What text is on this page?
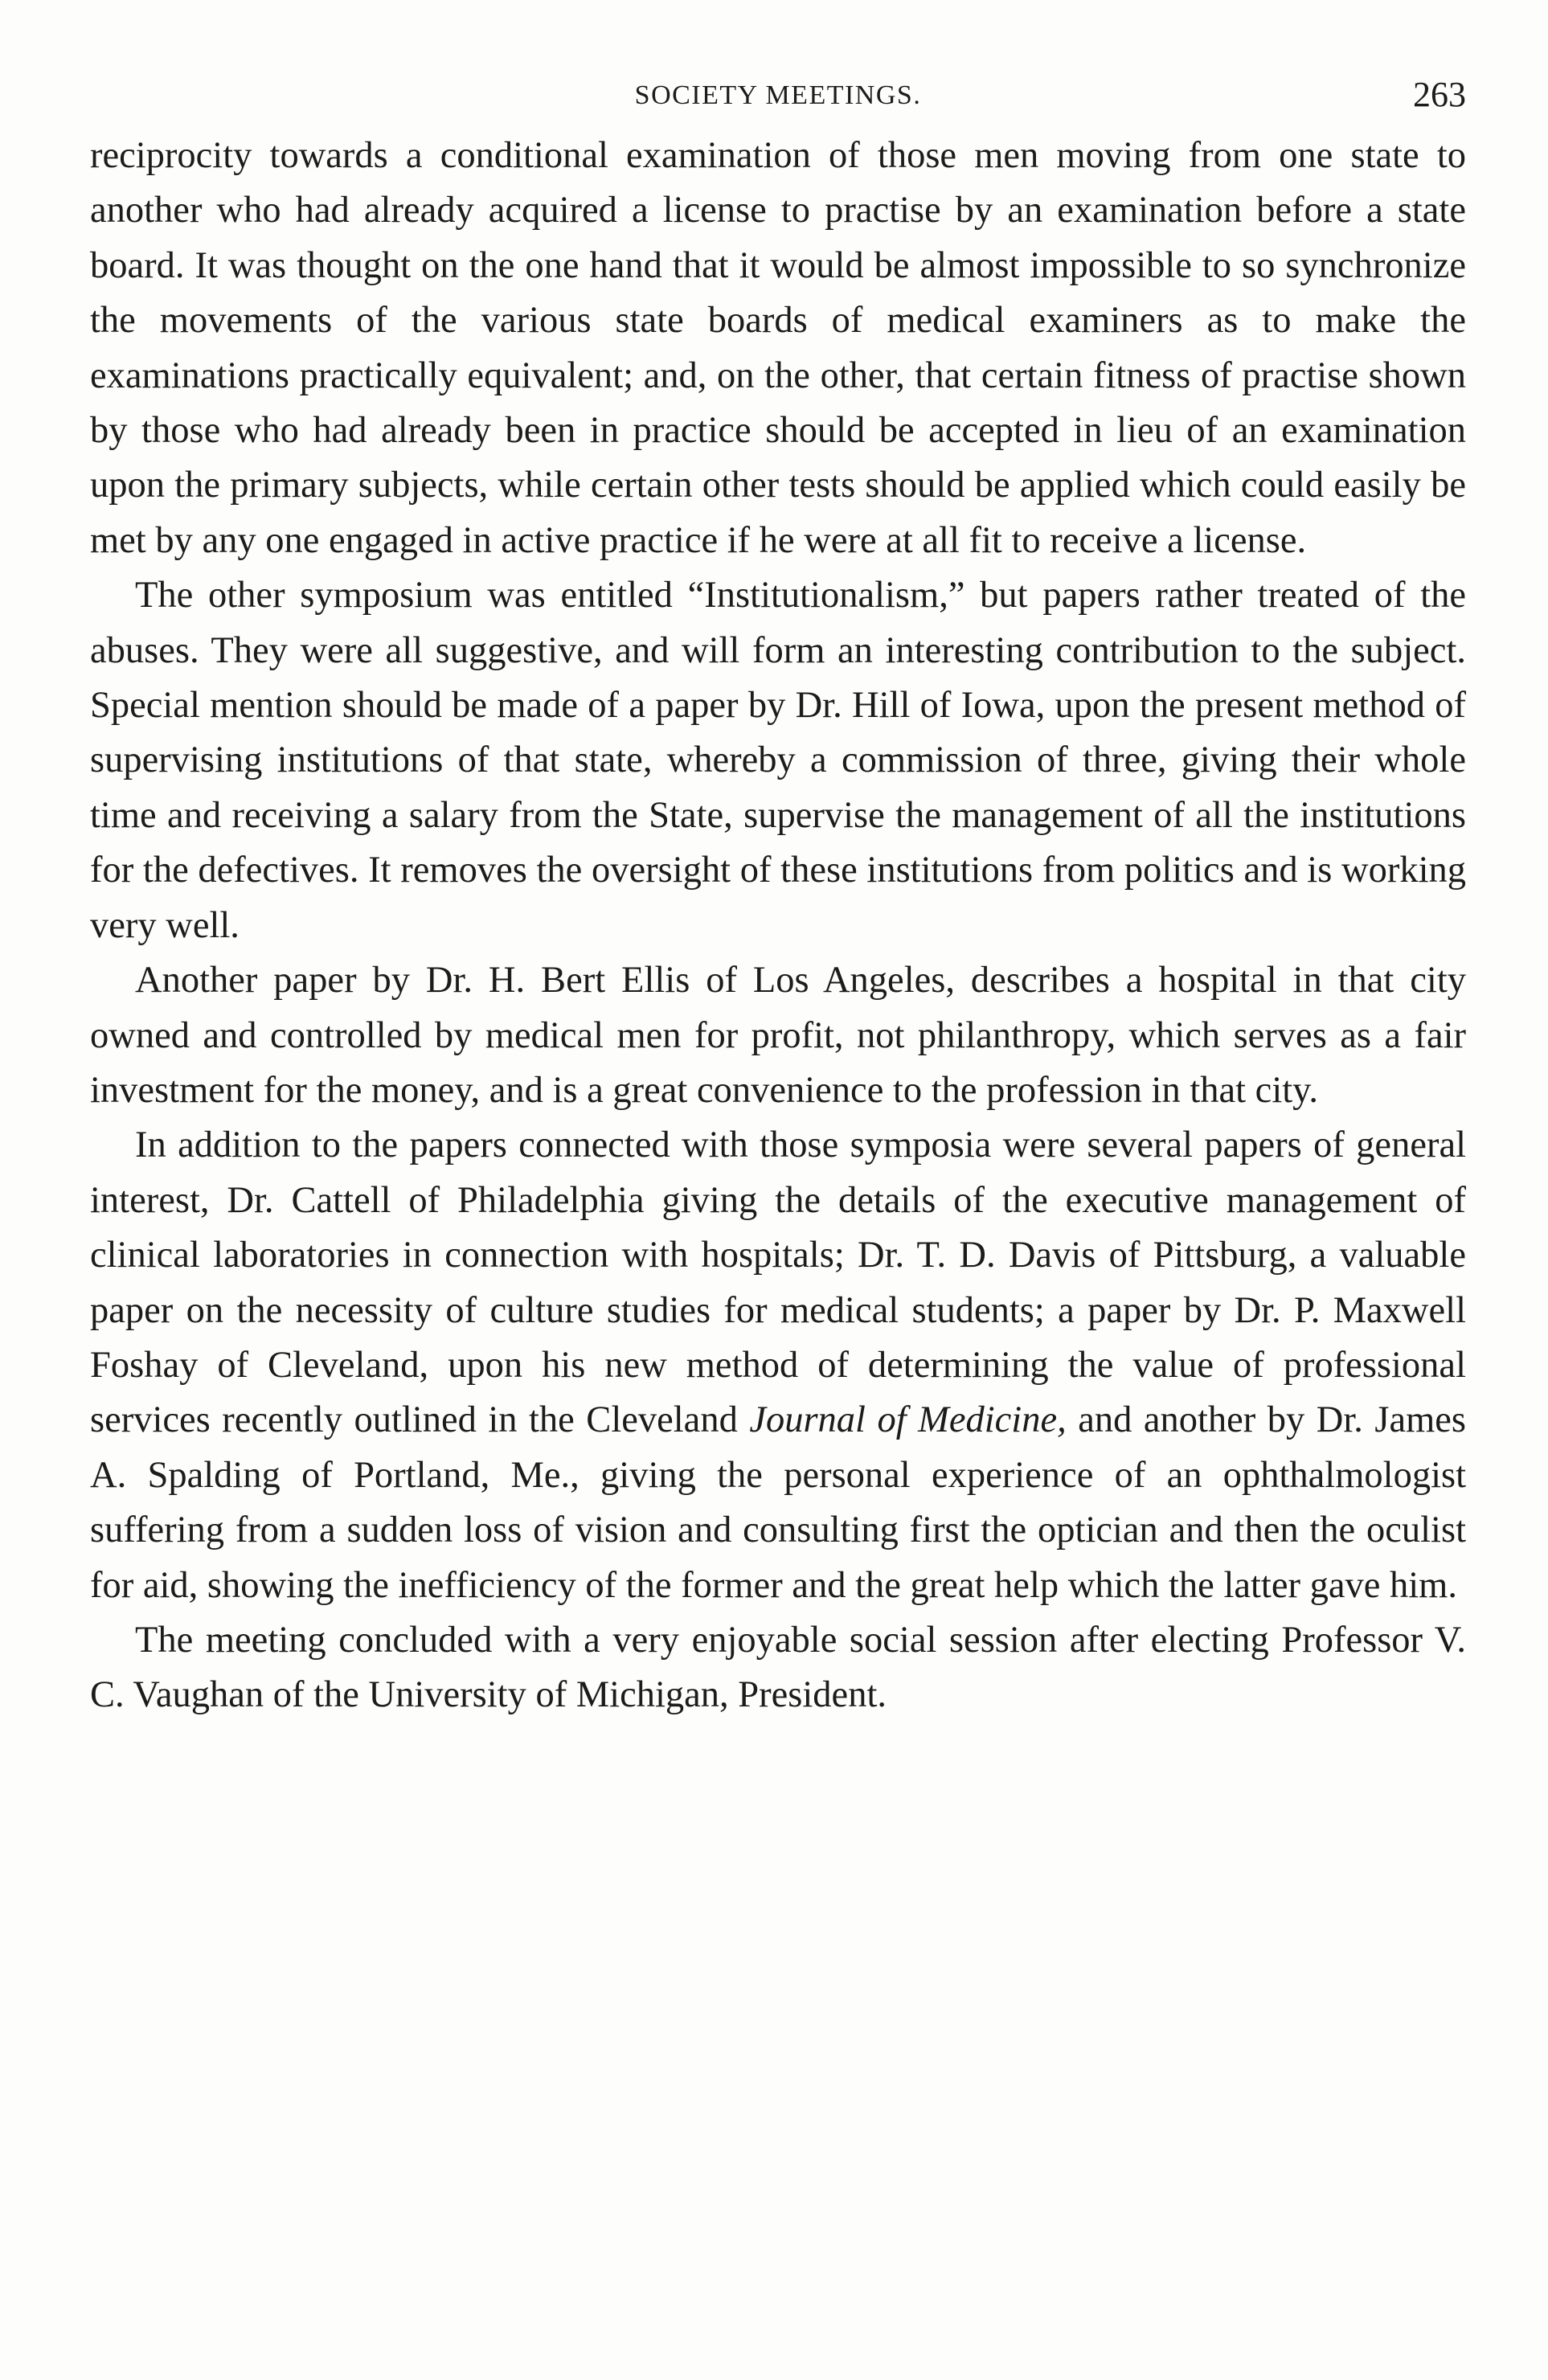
SOCIETY MEETINGS.	263

reciprocity towards a conditional examination of those men moving from one state to another who had already acquired a license to practise by an examination before a state board. It was thought on the one hand that it would be almost impossible to so synchronize the movements of the various state boards of medical examiners as to make the examinations practically equivalent; and, on the other, that certain fitness of practise shown by those who had already been in practice should be accepted in lieu of an examination upon the primary subjects, while certain other tests should be applied which could easily be met by any one engaged in active practice if he were at all fit to receive a license.

The other symposium was entitled “Institutionalism,” but papers rather treated of the abuses. They were all suggestive, and will form an interesting contribution to the subject. Special mention should be made of a paper by Dr. Hill of Iowa, upon the present method of supervising institutions of that state, whereby a commission of three, giving their whole time and receiving a salary from the State, supervise the management of all the institutions for the defectives. It removes the oversight of these institutions from politics and is working very well.

Another paper by Dr. H. Bert Ellis of Los Angeles, describes a hospital in that city owned and controlled by medical men for profit, not philanthropy, which serves as a fair investment for the money, and is a great convenience to the profession in that city.

In addition to the papers connected with those symposia were several papers of general interest, Dr. Cattell of Philadelphia giving the details of the executive management of clinical laboratories in connection with hospitals; Dr. T. D. Davis of Pittsburg, a valuable paper on the necessity of culture studies for medical students; a paper by Dr. P. Maxwell Foshay of Cleveland, upon his new method of determining the value of professional services recently outlined in the Cleveland Journal of Medicine, and another by Dr. James A. Spalding of Portland, Me., giving the personal experience of an ophthalmologist suffering from a sudden loss of vision and consulting first the optician and then the oculist for aid, showing the inefficiency of the former and the great help which the latter gave him.

The meeting concluded with a very enjoyable social session after electing Professor V. C. Vaughan of the University of Michigan, President.
